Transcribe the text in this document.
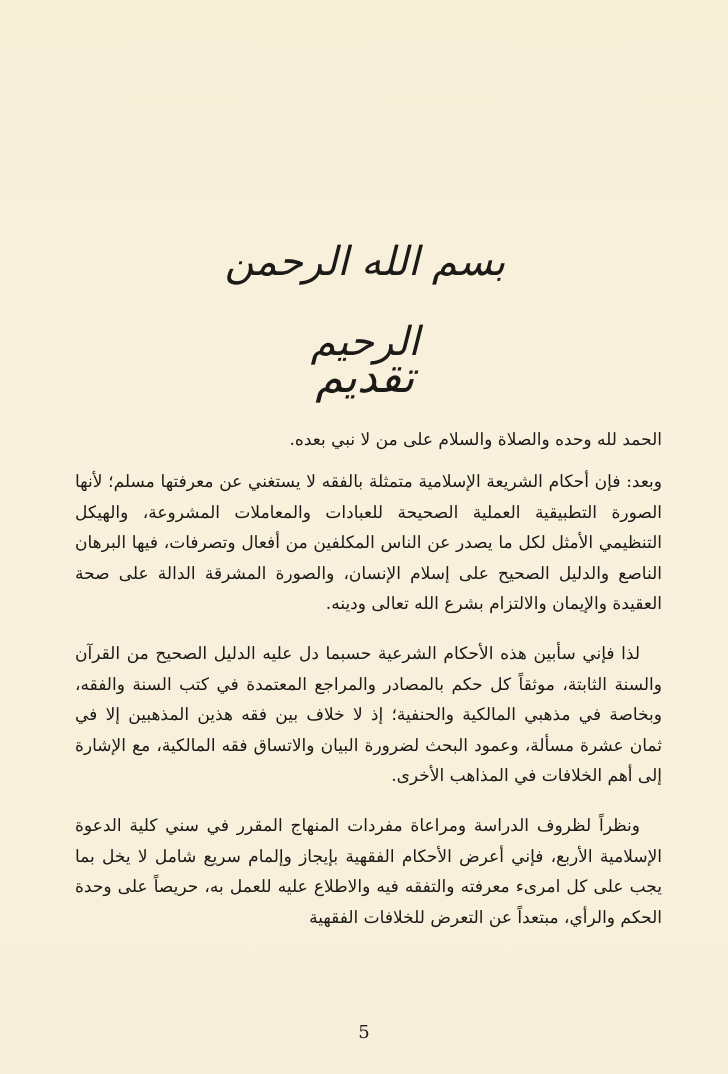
بسم الله الرحمن الرحيم
تقديم

الحمد لله وحده والصلاة والسلام على من لا نبي بعده.

وبعد: فإن أحكام الشريعة الإسلامية متمثلة بالفقه لا يستغني عن معرفتها مسلم؛ لأنها الصورة التطبيقية العملية الصحيحة للعبادات والمعاملات المشروعة، والهيكل التنظيمي الأمثل لكل ما يصدر عن الناس المكلفين من أفعال وتصرفات، فيها البرهان الناصع والدليل الصحيح على إسلام الإنسان، والصورة المشرقة الدالة على صحة العقيدة والإيمان والالتزام بشرع الله تعالى ودينه.

لذا فإني سأبين هذه الأحكام الشرعية حسبما دل عليه الدليل الصحيح من القرآن والسنة الثابتة، موثقاً كل حكم بالمصادر والمراجع المعتمدة في كتب السنة والفقه، وبخاصة في مذهبي المالكية والحنفية؛ إذ لا خلاف بين فقه هذين المذهبين إلا في ثمان عشرة مسألة، وعمود البحث لضرورة البيان والاتساق فقه المالكية، مع الإشارة إلى أهم الخلافات في المذاهب الأخرى.

ونظراً لظروف الدراسة ومراعاة مفردات المنهاج المقرر في سني كلية الدعوة الإسلامية الأربع، فإني أعرض الأحكام الفقهية بإيجاز وإلمام سريع شامل لا يخل بما يجب على كل امرىء معرفته والتفقه فيه والاطلاع عليه للعمل به، حريصاً على وحدة الحكم والرأي، مبتعداً عن التعرض للخلافات الفقهية

5
